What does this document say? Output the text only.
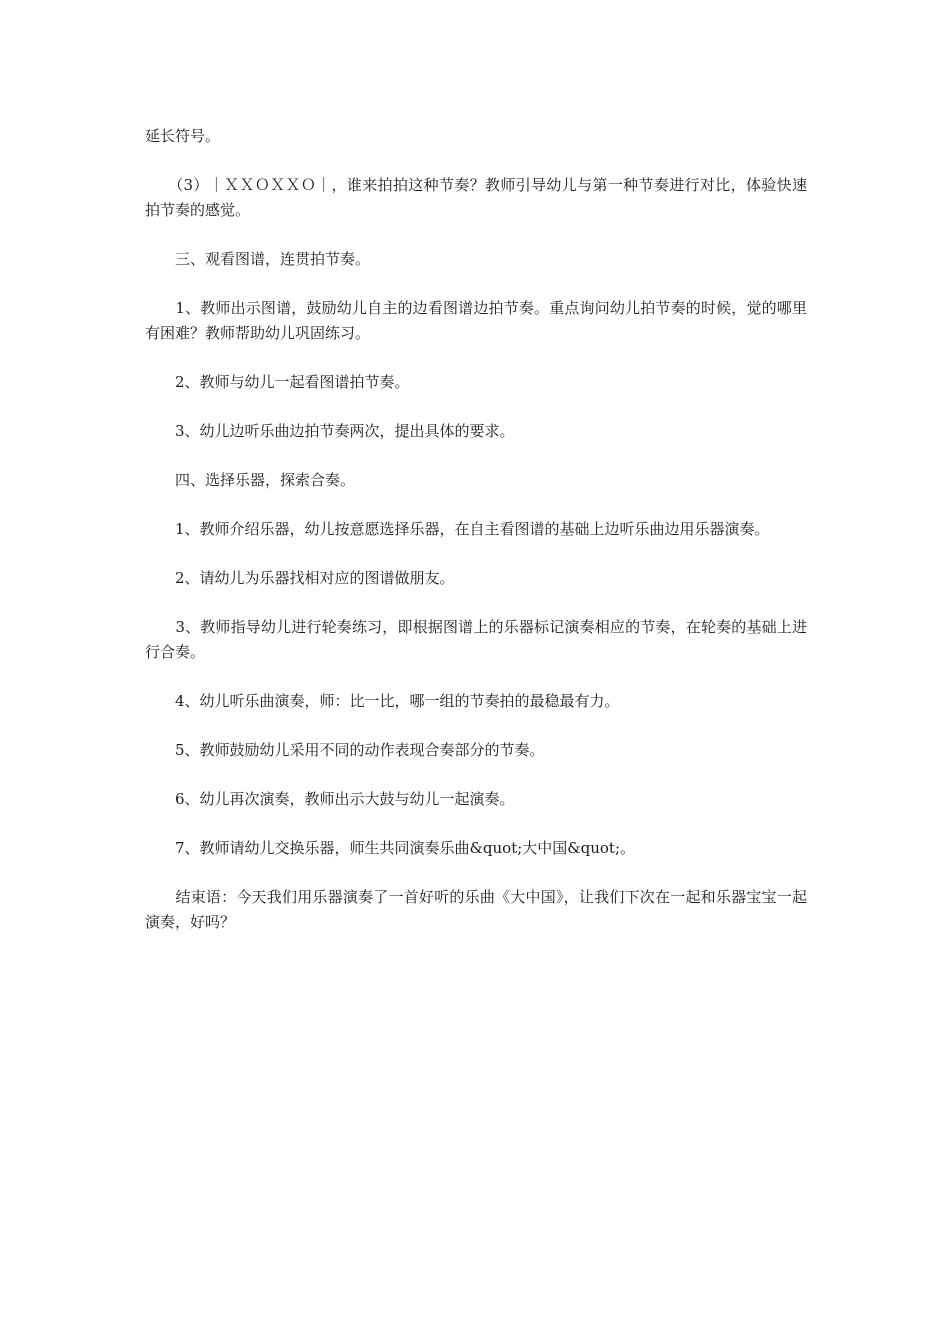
延长符号。

　　（3）｜ＸＸＯＸＸＯ｜，谁来拍拍这种节奏？教师引导幼儿与第一种节奏进行对比，体验快速拍节奏的感觉。

　　三、观看图谱，连贯拍节奏。

　　1、教师出示图谱，鼓励幼儿自主的边看图谱边拍节奏。重点询问幼儿拍节奏的时候，觉的哪里有困难？教师帮助幼儿巩固练习。

　　2、教师与幼儿一起看图谱拍节奏。

　　3、幼儿边听乐曲边拍节奏两次，提出具体的要求。

　　四、选择乐器，探索合奏。

　　1、教师介绍乐器，幼儿按意愿选择乐器，在自主看图谱的基础上边听乐曲边用乐器演奏。

　　2、请幼儿为乐器找相对应的图谱做朋友。

　　3、教师指导幼儿进行轮奏练习，即根据图谱上的乐器标记演奏相应的节奏，在轮奏的基础上进行合奏。

　　4、幼儿听乐曲演奏，师：比一比，哪一组的节奏拍的最稳最有力。

　　5、教师鼓励幼儿采用不同的动作表现合奏部分的节奏。

　　6、幼儿再次演奏，教师出示大鼓与幼儿一起演奏。

　　7、教师请幼儿交换乐器，师生共同演奏乐曲&quot;大中国&quot;。

　　结束语：今天我们用乐器演奏了一首好听的乐曲《大中国》，让我们下次在一起和乐器宝宝一起演奏，好吗？
